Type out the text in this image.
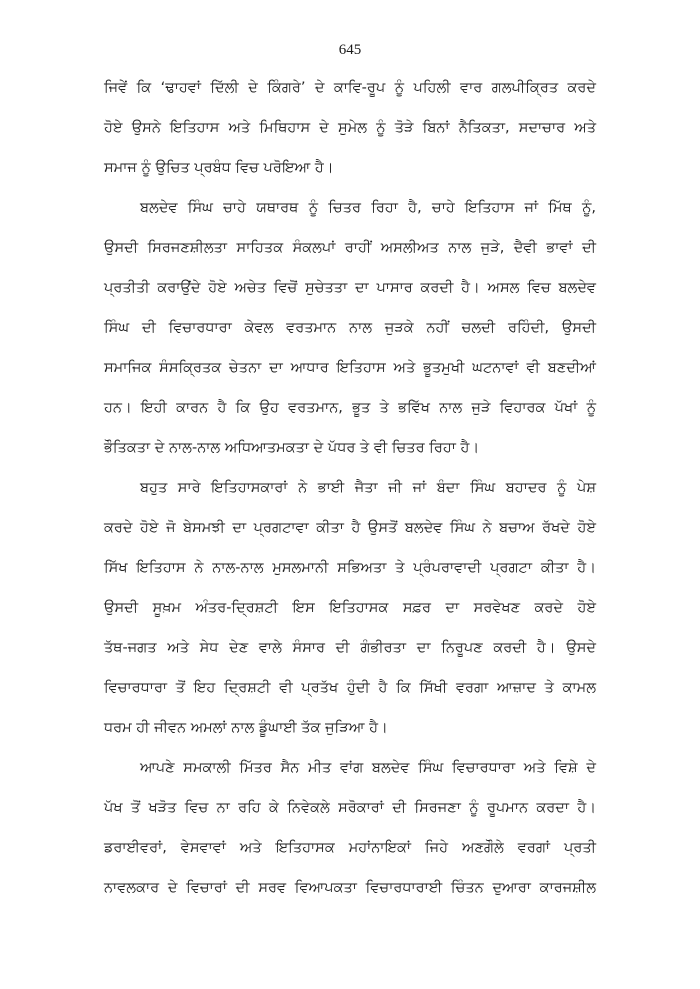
645
ਜਿਵੇਂ ਕਿ ‘ਢਾਹਵਾਂ ਦਿੱਲੀ ਦੇ ਕਿੰਗਰੇ’ ਦੇ ਕਾਵਿ-ਰੂਪ ਨੂੰ ਪਹਿਲੀ ਵਾਰ ਗਲਪੀਕ੍ਰਿਤ ਕਰਦੇ
ਹੋਏ ਉਸਨੇ ਇਤਿਹਾਸ ਅਤੇ ਮਿਥਿਹਾਸ ਦੇ ਸੁਮੇਲ ਨੂੰ ਤੋੜੇ ਬਿਨਾਂ ਨੈਤਿਕਤਾ, ਸਦਾਚਾਰ ਅਤੇ
ਸਮਾਜ ਨੂੰ ਉਚਿਤ ਪ੍ਰਬੰਧ ਵਿਚ ਪਰੋਇਆ ਹੈ।
ਬਲਦੇਵ ਸਿੰਘ ਚਾਹੇ ਯਥਾਰਥ ਨੂੰ ਚਿਤਰ ਰਿਹਾ ਹੈ, ਚਾਹੇ ਇਤਿਹਾਸ ਜਾਂ ਮਿੱਥ ਨੂੰ,
ਉਸਦੀ ਸਿਰਜਣਸ਼ੀਲਤਾ ਸਾਹਿਤਕ ਸੰਕਲਪਾਂ ਰਾਹੀਂ ਅਸਲੀਅਤ ਨਾਲ ਜੁੜੇ, ਦੈਵੀ ਭਾਵਾਂ ਦੀ
ਪ੍ਰਤੀਤੀ ਕਰਾਉਂਦੇ ਹੋਏ ਅਚੇਤ ਵਿਚੋਂ ਸੁਚੇਤਤਾ ਦਾ ਪਾਸਾਰ ਕਰਦੀ ਹੈ। ਅਸਲ ਵਿਚ ਬਲਦੇਵ
ਸਿੰਘ ਦੀ ਵਿਚਾਰਧਾਰਾ ਕੇਵਲ ਵਰਤਮਾਨ ਨਾਲ ਜੁੜਕੇ ਨਹੀਂ ਚਲਦੀ ਰਹਿੰਦੀ, ਉਸਦੀ
ਸਮਾਜਿਕ ਸੰਸਕ੍ਰਿਤਕ ਚੇਤਨਾ ਦਾ ਆਧਾਰ ਇਤਿਹਾਸ ਅਤੇ ਭੂਤਮੁਖੀ ਘਟਨਾਵਾਂ ਵੀ ਬਣਦੀਆਂ
ਹਨ। ਇਹੀ ਕਾਰਨ ਹੈ ਕਿ ਉਹ ਵਰਤਮਾਨ, ਭੂਤ ਤੇ ਭਵਿੱਖ ਨਾਲ ਜੁੜੇ ਵਿਹਾਰਕ ਪੱਖਾਂ ਨੂੰ
ਭੌਤਿਕਤਾ ਦੇ ਨਾਲ-ਨਾਲ ਅਧਿਆਤਮਕਤਾ ਦੇ ਪੱਧਰ ਤੇ ਵੀ ਚਿਤਰ ਰਿਹਾ ਹੈ।
ਬਹੁਤ ਸਾਰੇ ਇਤਿਹਾਸਕਾਰਾਂ ਨੇ ਭਾਈ ਜੈਤਾ ਜੀ ਜਾਂ ਬੰਦਾ ਸਿੰਘ ਬਹਾਦਰ ਨੂੰ ਪੇਸ਼
ਕਰਦੇ ਹੋਏ ਜੋ ਬੇਸਮਝੀ ਦਾ ਪ੍ਰਗਟਾਵਾ ਕੀਤਾ ਹੈ ਉਸਤੋਂ ਬਲਦੇਵ ਸਿੰਘ ਨੇ ਬਚਾਅ ਰੱਖਦੇ ਹੋਏ
ਸਿੱਖ ਇਤਿਹਾਸ ਨੇ ਨਾਲ-ਨਾਲ ਮੁਸਲਮਾਨੀ ਸਭਿਅਤਾ ਤੇ ਪ੍ਰੰਪਰਾਵਾਦੀ ਪ੍ਰਗਟਾ ਕੀਤਾ ਹੈ।
ਉਸਦੀ ਸੂਖ਼ਮ ਅੰਤਰ-ਦ੍ਰਿਸ਼ਟੀ ਇਸ ਇਤਿਹਾਸਕ ਸਫ਼ਰ ਦਾ ਸਰਵੇਖਣ ਕਰਦੇ ਹੋਏ
ਤੱਥ-ਜਗਤ ਅਤੇ ਸੇਧ ਦੇਣ ਵਾਲੇ ਸੰਸਾਰ ਦੀ ਗੰਭੀਰਤਾ ਦਾ ਨਿਰੂਪਣ ਕਰਦੀ ਹੈ। ਉਸਦੇ
ਵਿਚਾਰਧਾਰਾ ਤੋਂ ਇਹ ਦ੍ਰਿਸ਼ਟੀ ਵੀ ਪ੍ਰਤੱਖ ਹੁੰਦੀ ਹੈ ਕਿ ਸਿੱਖੀ ਵਰਗਾ ਆਜ਼ਾਦ ਤੇ ਕਾਮਲ
ਧਰਮ ਹੀ ਜੀਵਨ ਅਮਲਾਂ ਨਾਲ ਡੂੰਘਾਈ ਤੱਕ ਜੁੜਿਆ ਹੈ।
ਆਪਣੇ ਸਮਕਾਲੀ ਮਿੱਤਰ ਸੈਨ ਮੀਤ ਵਾਂਗ ਬਲਦੇਵ ਸਿੰਘ ਵਿਚਾਰਧਾਰਾ ਅਤੇ ਵਿਸ਼ੇ ਦੇ
ਪੱਖ ਤੋਂ ਖੜੋਤ ਵਿਚ ਨਾ ਰਹਿ ਕੇ ਨਿਵੇਕਲੇ ਸਰੋਕਾਰਾਂ ਦੀ ਸਿਰਜਣਾ ਨੂੰ ਰੂਪਮਾਨ ਕਰਦਾ ਹੈ।
ਡਰਾਈਵਰਾਂ, ਵੇਸਵਾਵਾਂ ਅਤੇ ਇਤਿਹਾਸਕ ਮਹਾਂਨਾਇਕਾਂ ਜਿਹੇ ਅਣਗੌਲੇ ਵਰਗਾਂ ਪ੍ਰਤੀ
ਨਾਵਲਕਾਰ ਦੇ ਵਿਚਾਰਾਂ ਦੀ ਸਰਵ ਵਿਆਪਕਤਾ ਵਿਚਾਰਧਾਰਾਈ ਚਿੰਤਨ ਦੁਆਰਾ ਕਾਰਜਸ਼ੀਲ
